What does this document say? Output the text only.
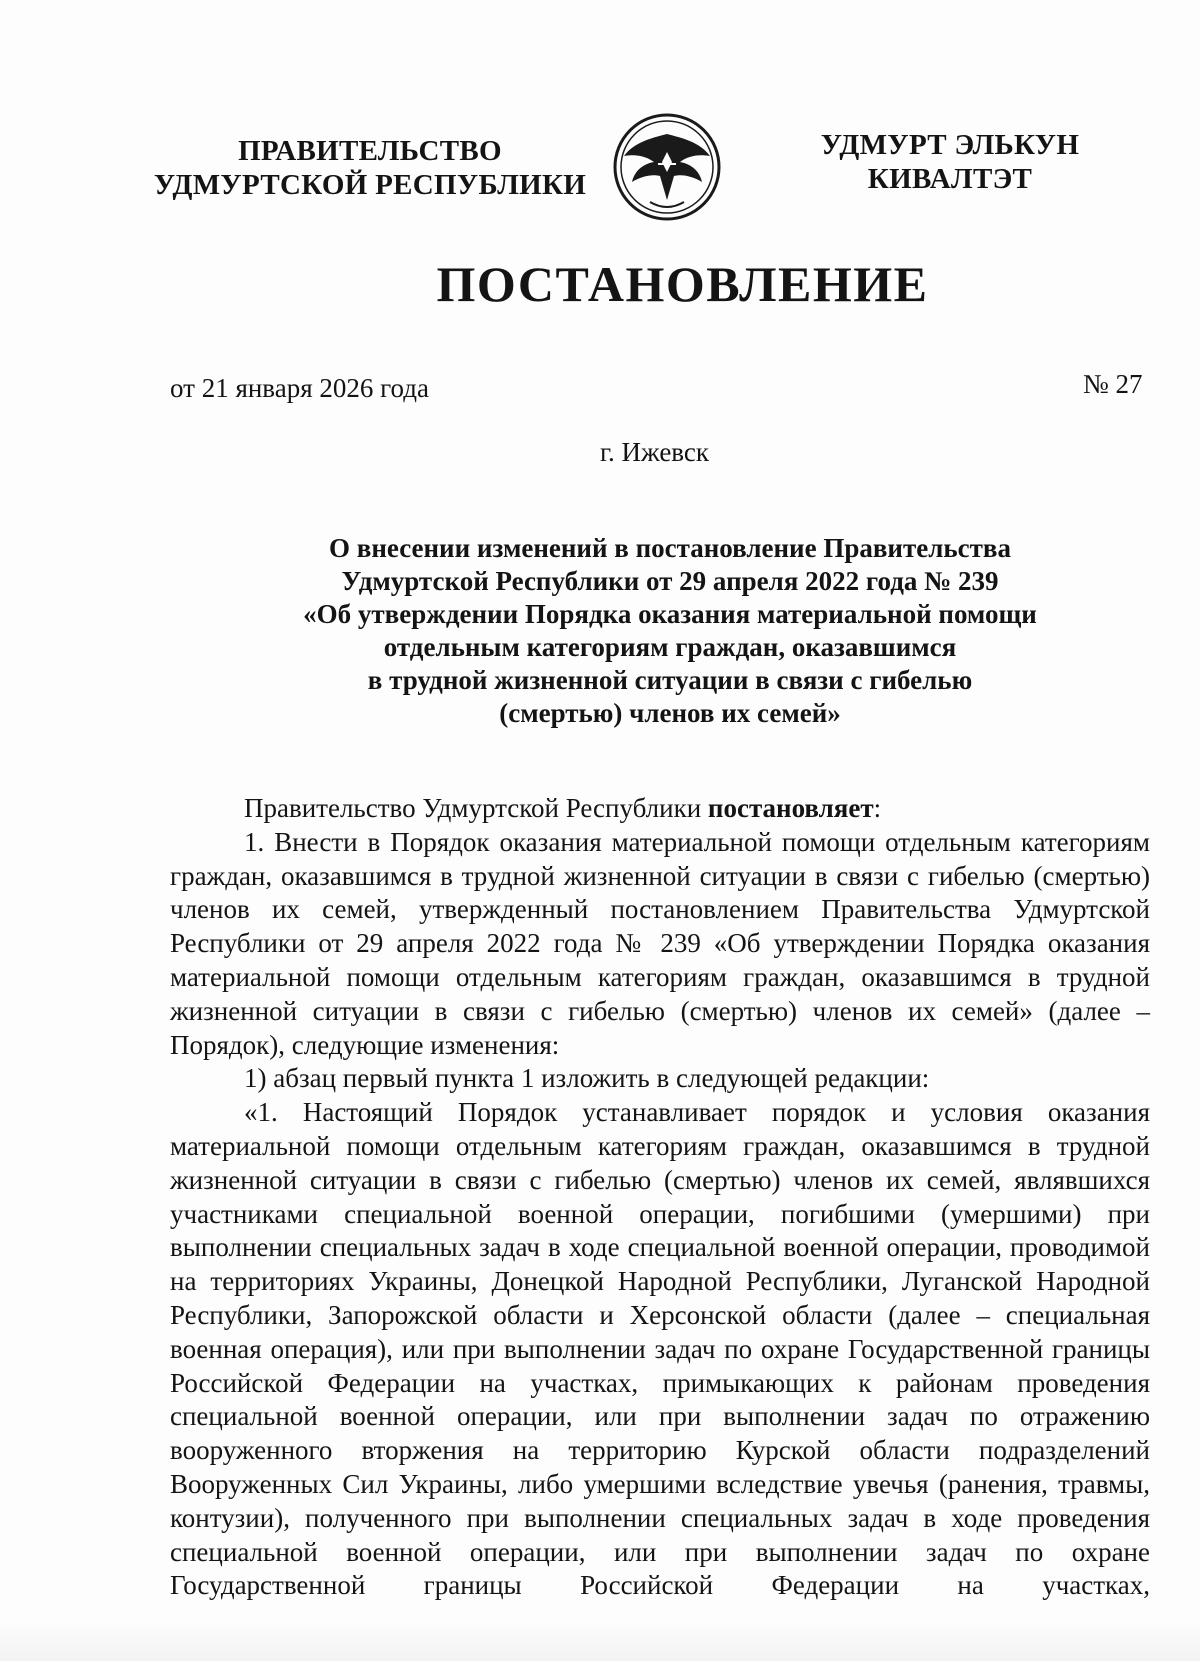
ПРАВИТЕЛЬСТВО
УДМУРТСКОЙ РЕСПУБЛИКИ
УДМУРТ ЭЛЬКУН
КИВАЛТЭТ
ПОСТАНОВЛЕНИЕ
от 21 января 2026 года	№ 27
г. Ижевск
О внесении изменений в постановление Правительства
Удмуртской Республики от 29 апреля 2022 года № 239
«Об утверждении Порядка оказания материальной помощи
отдельным категориям граждан, оказавшимся
в трудной жизненной ситуации в связи с гибелью
(смертью) членов их семей»

Правительство Удмуртской Республики постановляет:

1. Внести в Порядок оказания материальной помощи отдельным категориям граждан, оказавшимся в трудной жизненной ситуации в связи с гибелью (смертью) членов их семей, утвержденный постановлением Правительства Удмуртской Республики от 29 апреля 2022 года № 239 «Об утверждении Порядка оказания материальной помощи отдельным категориям граждан, оказавшимся в трудной жизненной ситуации в связи с гибелью (смертью) членов их семей» (далее – Порядок), следующие изменения:

1) абзац первый пункта 1 изложить в следующей редакции:

«1. Настоящий Порядок устанавливает порядок и условия оказания материальной помощи отдельным категориям граждан, оказавшимся в трудной жизненной ситуации в связи с гибелью (смертью) членов их семей, являвшихся участниками специальной военной операции, погибшими (умершими) при выполнении специальных задач в ходе специальной военной операции, проводимой на территориях Украины, Донецкой Народной Республики, Луганской Народной Республики, Запорожской области и Херсонской области (далее – специальная военная операция), или при выполнении задач по охране Государственной границы Российской Федерации на участках, примыкающих к районам проведения специальной военной операции, или при выполнении задач по отражению вооруженного вторжения на территорию Курской области подразделений Вооруженных Сил Украины, либо умершими вследствие увечья (ранения, травмы, контузии), полученного при выполнении специальных задач в ходе проведения специальной военной операции, или при выполнении задач по охране Государственной границы Российской Федерации на участках,
